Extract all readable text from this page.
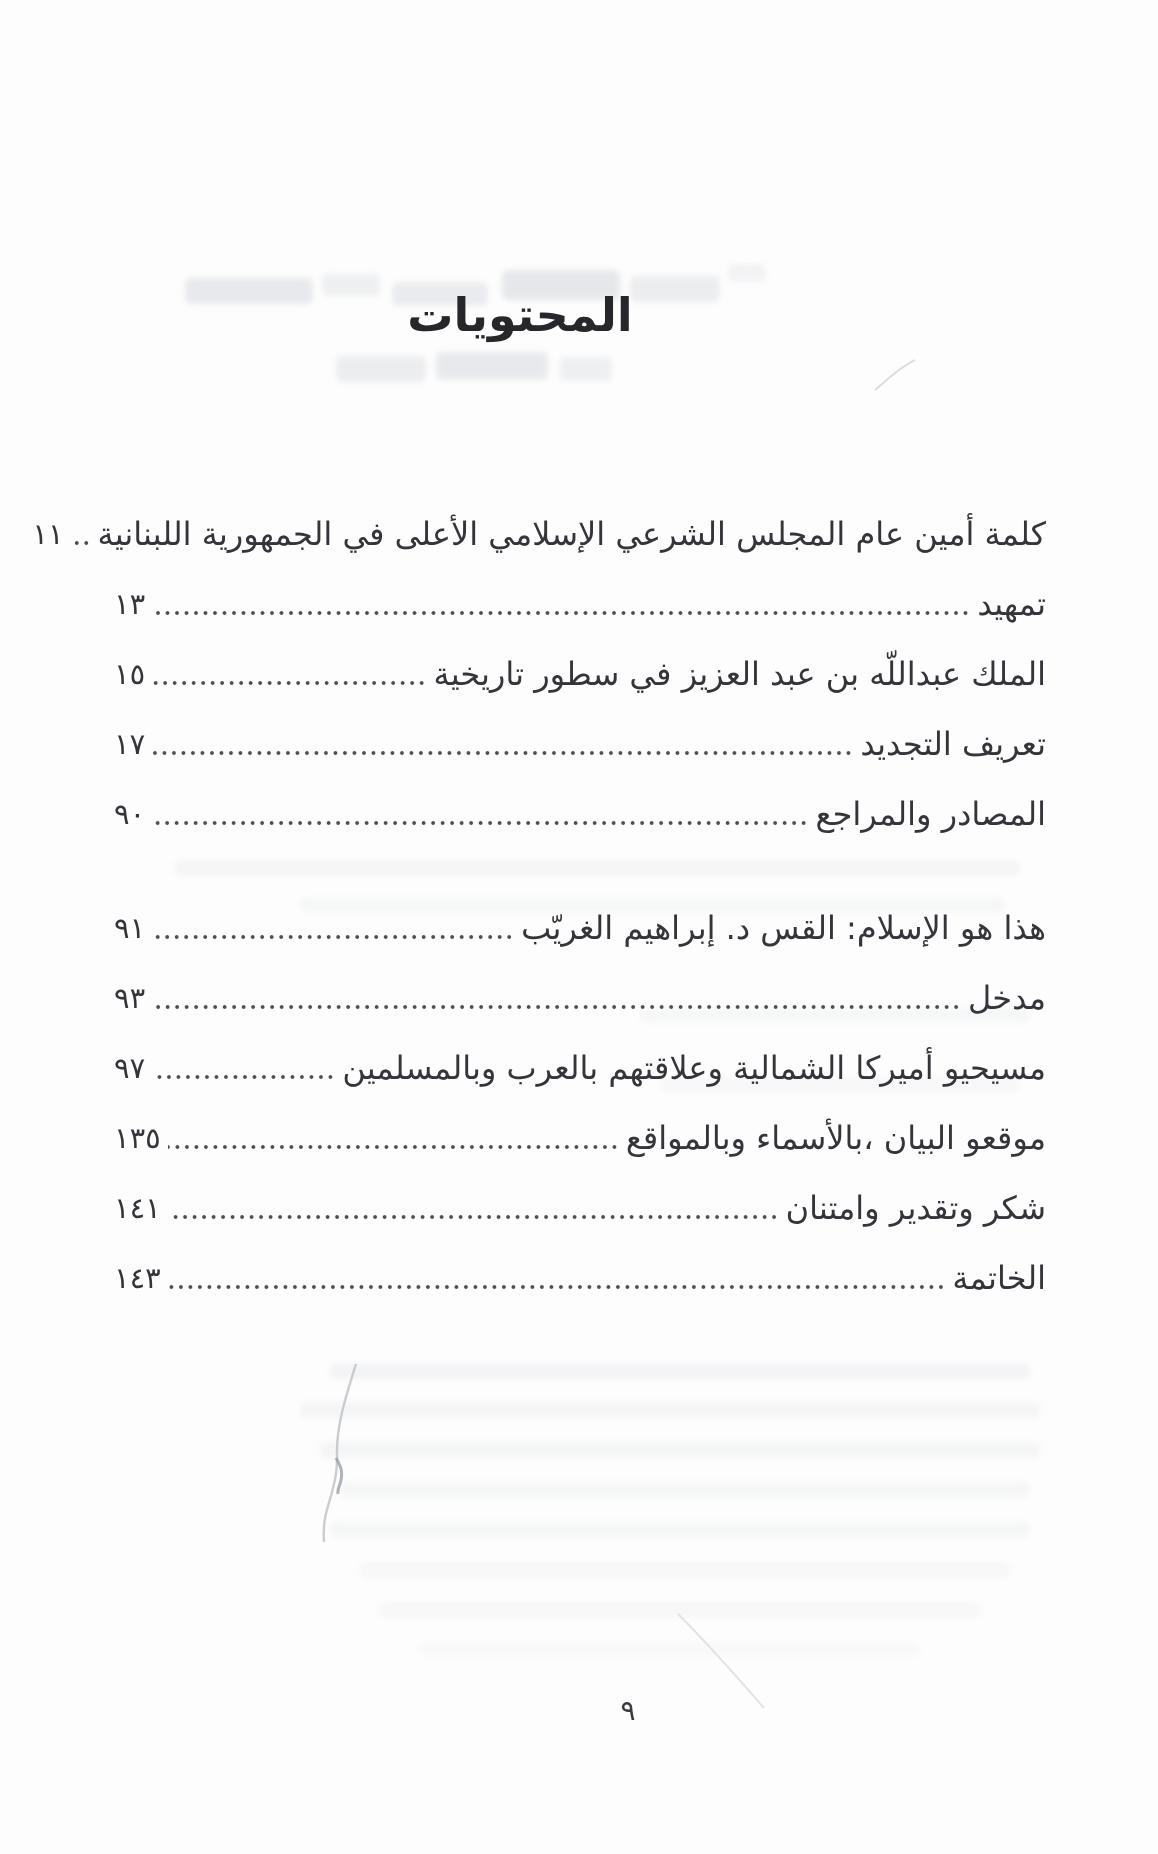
المحتويات
كلمة أمين عام المجلس الشرعي الإسلامي الأعلى في الجمهورية اللبنانية
١١
تمهيد
١٣
الملك عبداللّه بن عبد العزيز في سطور تاريخية
١٥
تعريف التجديد
١٧
المصادر والمراجع
٩٠
هذا هو الإسلام: القس د. إبراهيم الغريّب
٩١
مدخل
٩٣
مسيحيو أميركا الشمالية وعلاقتهم بالعرب وبالمسلمين
٩٧
موقعو البيان ،بالأسماء وبالمواقع
١٣٥
شكر وتقدير وامتنان
١٤١
الخاتمة
١٤٣
٩
